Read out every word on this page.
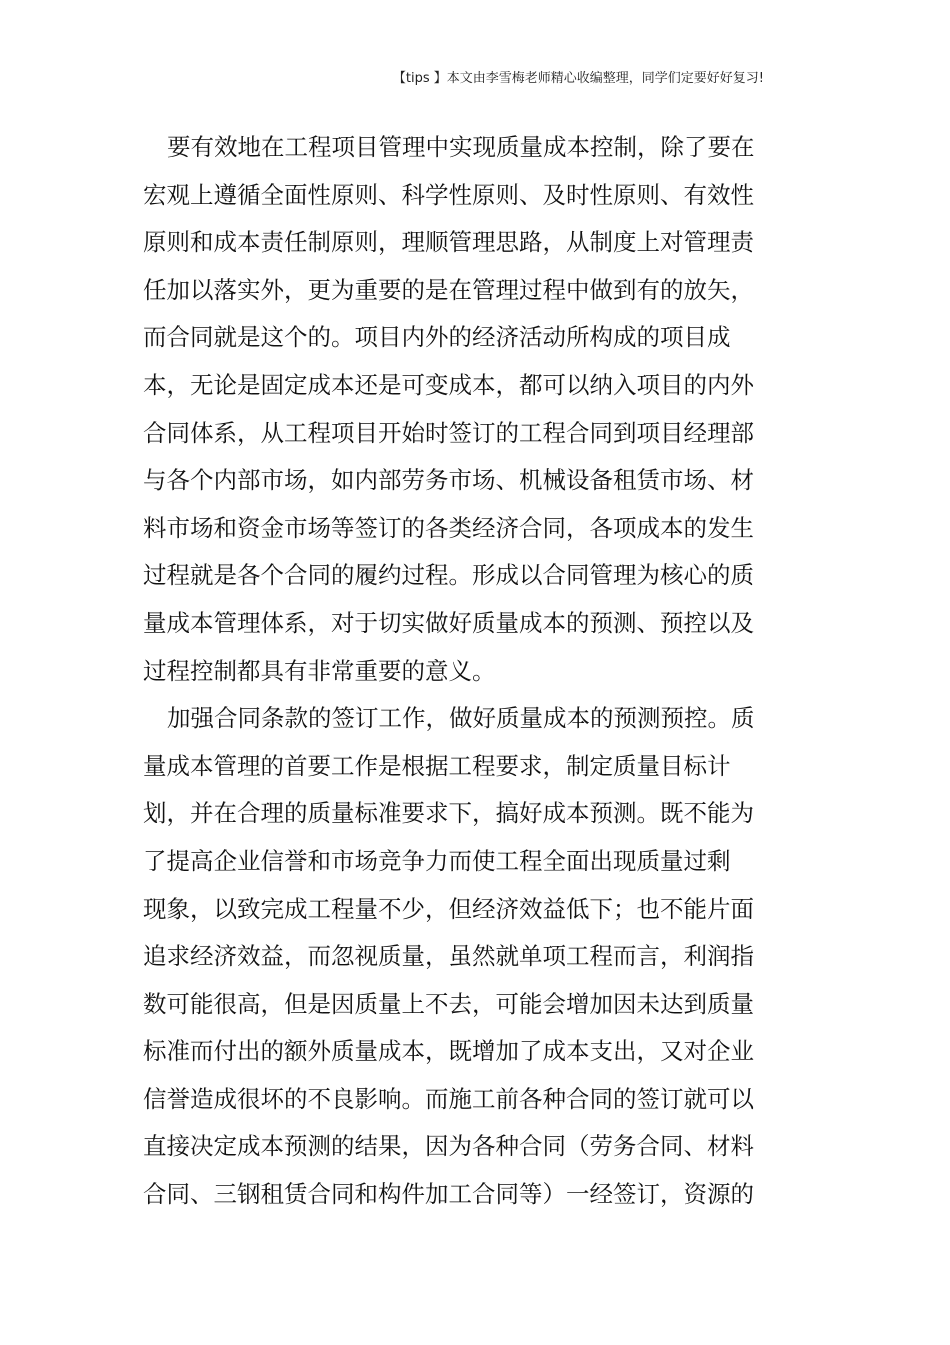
【tips 】本文由李雪梅老师精心收编整理，同学们定要好好复习!
要有效地在工程项目管理中实现质量成本控制，除了要在
宏观上遵循全面性原则、科学性原则、及时性原则、有效性
原则和成本责任制原则，理顺管理思路，从制度上对管理责
任加以落实外，更为重要的是在管理过程中做到有的放矢，
而合同就是这个的。项目内外的经济活动所构成的项目成
本，无论是固定成本还是可变成本，都可以纳入项目的内外
合同体系，从工程项目开始时签订的工程合同到项目经理部
与各个内部市场，如内部劳务市场、机械设备租赁市场、材
料市场和资金市场等签订的各类经济合同，各项成本的发生
过程就是各个合同的履约过程。形成以合同管理为核心的质
量成本管理体系，对于切实做好质量成本的预测、预控以及
过程控制都具有非常重要的意义。
加强合同条款的签订工作，做好质量成本的预测预控。质
量成本管理的首要工作是根据工程要求，制定质量目标计
划，并在合理的质量标准要求下，搞好成本预测。既不能为
了提高企业信誉和市场竞争力而使工程全面出现质量过剩
现象，以致完成工程量不少，但经济效益低下；也不能片面
追求经济效益，而忽视质量，虽然就单项工程而言，利润指
数可能很高，但是因质量上不去，可能会增加因未达到质量
标准而付出的额外质量成本，既增加了成本支出，又对企业
信誉造成很坏的不良影响。而施工前各种合同的签订就可以
直接决定成本预测的结果，因为各种合同（劳务合同、材料
合同、三钢租赁合同和构件加工合同等）一经签订，资源的
